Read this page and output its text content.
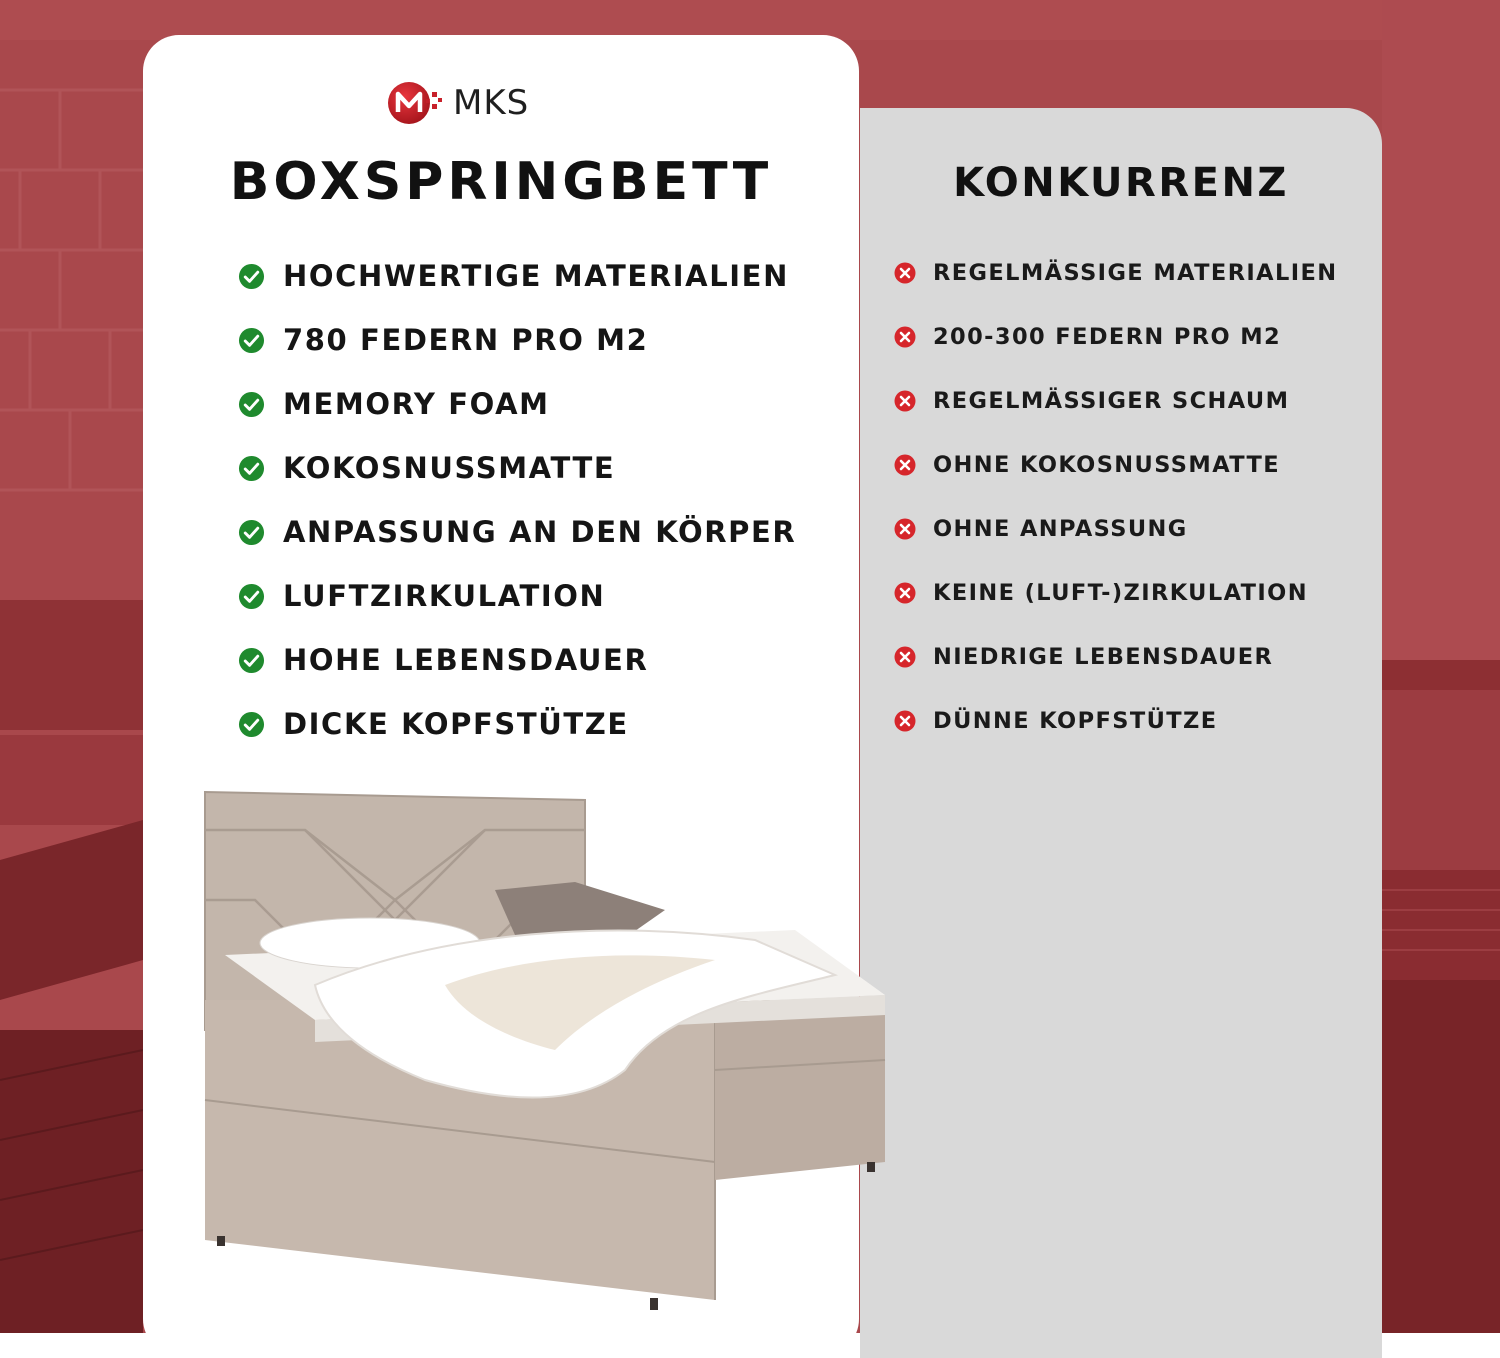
MKS
BOXSPRINGBETT	KONKURRENZ
HOCHWERTIGE MATERIALIEN
780 FEDERN PRO M2
MEMORY FOAM
KOKOSNUSSMATTE
ANPASSUNG AN DEN KÖRPER
LUFTZIRKULATION
HOHE LEBENSDAUER
DICKE KOPFSTÜTZE
REGELMÄSSIGE MATERIALIEN
200-300 FEDERN PRO M2
REGELMÄSSIGER SCHAUM
OHNE KOKOSNUSSMATTE
OHNE ANPASSUNG
KEINE (LUFT-)ZIRKULATION
NIEDRIGE LEBENSDAUER
DÜNNE KOPFSTÜTZE
